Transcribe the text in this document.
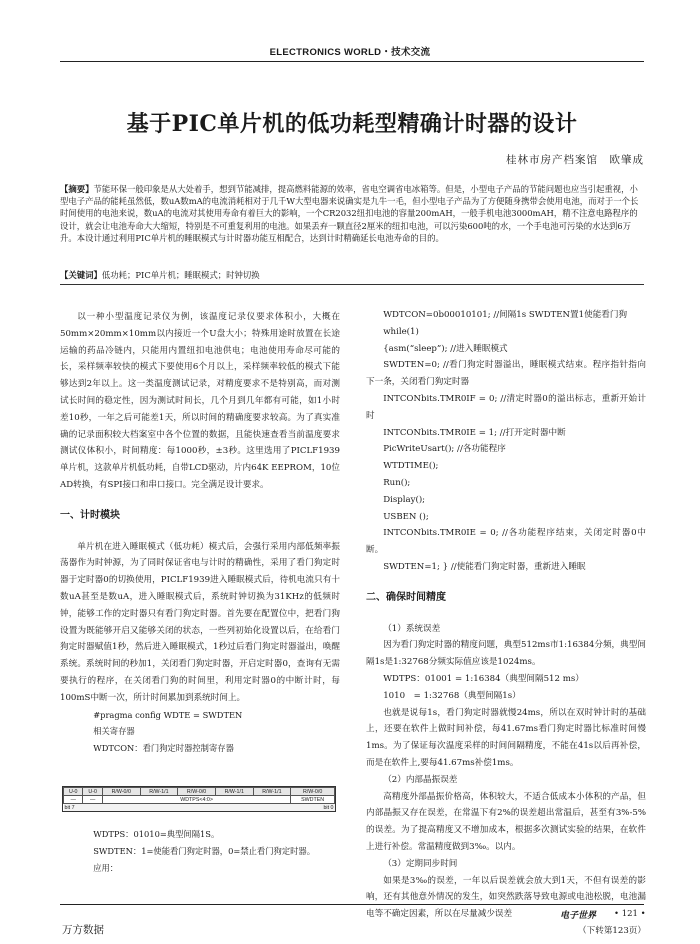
ELECTRONICS WORLD・技术交流
基于PIC单片机的低功耗型精确计时器的设计
桂林市房产档案馆　欧肇成
【摘要】节能环保一般印象是从大处着手，想到节能减排，提高燃料能源的效率，省电空调省电冰箱等。但是，小型电子产品的节能问题也应当引起重视，小型电子产品的能耗虽然低，数uA数mA的电流消耗相对于几千W大型电器来说确实是九牛一毛，但小型电子产品为了方便随身携带会使用电池，而对于一个长时间使用的电池来说，数uA的电流对其使用寿命有着巨大的影响，一个CR2032纽扣电池的容量200mAH，一般手机电池3000mAH，精不注意电路程序的设计，就会让电池寿命大大缩短，特别是不可重复利用的电池。如果丢弃一颗直径2厘米的纽扣电池，可以污染600吨的水，一个手电池可污染的水达到6万升。本设计通过利用PIC单片机的睡眠模式与计时器功能互相配合，达到计时精确延长电池寿命的目的。
【关键词】低功耗；PIC单片机；睡眠模式；时钟切换

以一种小型温度记录仪为例，该温度记录仪要求体积小，大概在50mm×20mm×10mm以内接近一个U盘大小；特殊用途时放置在长途运输的药品冷链内，只能用内置纽扣电池供电；电池使用寿命尽可能的长，采样频率较快的模式下要使用6个月以上，采样频率较低的模式下能够达到2年以上。这一类温度测试记录，对精度要求不是特别高，而对测试长时间的稳定性，因为测试时间长，几个月到几年都有可能，如1小时差10秒，一年之后可能差1天，所以时间的精确度要求较高。为了真实准确的记录面积较大档案室中各个位置的数据，且能快速查看当前温度要求测试仪体积小，时间精度：每1000秒，±3秒。这里选用了PICLF1939单片机，这款单片机低功耗，自带LCD驱动，片内64K EEPROM，10位AD转换，有SPI接口和串口接口。完全满足设计要求。

一、计时模块

单片机在进入睡眠模式（低功耗）模式后，会强行采用内部低频率振荡器作为时钟源，为了同时保证省电与计时的精确性，采用了看门狗定时器于定时器0的切换使用，PICLF1939进入睡眠模式后，待机电流只有十数uA甚至是数uA，进入睡眠模式后，系统时钟切换为31KHz的低频时钟，能够工作的定时器只有看门狗定时器。首先要在配置位中，把看门狗设置为既能够开启又能够关闭的状态，一些列初始化设置以后，在给看门狗定时器赋值1秒，然后进入睡眠模式，1秒过后看门狗定时器溢出，唤醒系统。系统时间的秒加1，关闭看门狗定时器，开启定时器0，查询有无需要执行的程序，在关闭看门狗的时间里，利用定时器0的中断计时，每100mS中断一次，所计时间累加到系统时间上。

#pragma config WDTE = SWDTEN

相关寄存器

WDTCON：看门狗定时器控制寄存器

U-0	U-0	R/W-0/0	R/W-1/1	R/W-0/0	R/W-1/1	R/W-1/1	R/W-0/0
—	—	WDTPS<4:0>					SWDTEN
bit 7				bit 0			

WDTPS：01010=典型间隔1S。

SWDTEN：1=使能看门狗定时器，0=禁止看门狗定时器。

应用：

WDTCON=0b00010101; //间隔1s SWDTEN置1使能看门狗

while(1)

{asm(“sleep”); //进入睡眠模式

SWDTEN=0; //看门狗定时器溢出，睡眠模式结束。程序指针指向下一条，关闭看门狗定时器

INTCONbits.TMR0IF = 0; //清定时器0的溢出标志，重新开始计时

INTCONbits.TMR0IE = 1; //打开定时器中断

PicWriteUsart(); //各功能程序

WTDTIME();

Run();

Display();

USBEN ();

INTCONbits.TMR0IE = 0; //各功能程序结束，关闭定时器0中断。

SWDTEN=1; } //使能看门狗定时器，重新进入睡眠

二、确保时间精度

（1）系统误差

因为看门狗定时器的精度问题，典型512ms市1:16384分频，典型间隔1s是1:32768分频实际值应该是1024ms。

WDTPS：01001 = 1:16384（典型间隔512 ms）

1010　= 1:32768（典型间隔1s）

也就是说每1s，看门狗定时器就慢24ms，所以在双时钟计时的基础上，还要在软件上做时间补偿，每41.67ms看门狗定时器比标准时间慢1ms。为了保证每次温度采样的时间间隔精度，不能在41s以后再补偿，而是在软件上,要每41.67ms补偿1ms。

（2）内部晶振误差

高精度外部晶振价格高，体积较大，不适合低成本小体积的产品，但内部晶振又存在误差，在常温下有2%的误差超出常温后，甚至有3%-5%的误差。为了提高精度又不增加成本，根据多次测试实验的结果，在软件上进行补偿。常温精度做到3‰。以内。

（3）定期同步时间

如果是3‰的误差，一年以后误差就会放大到1天，不但有误差的影响，还有其他意外情况的发生，如突然跌落导致电源或电池松脱，电池漏电等不确定因素，所以在尽量减少误差

（下转第123页）

电子世界 • 121 •
万方数据
